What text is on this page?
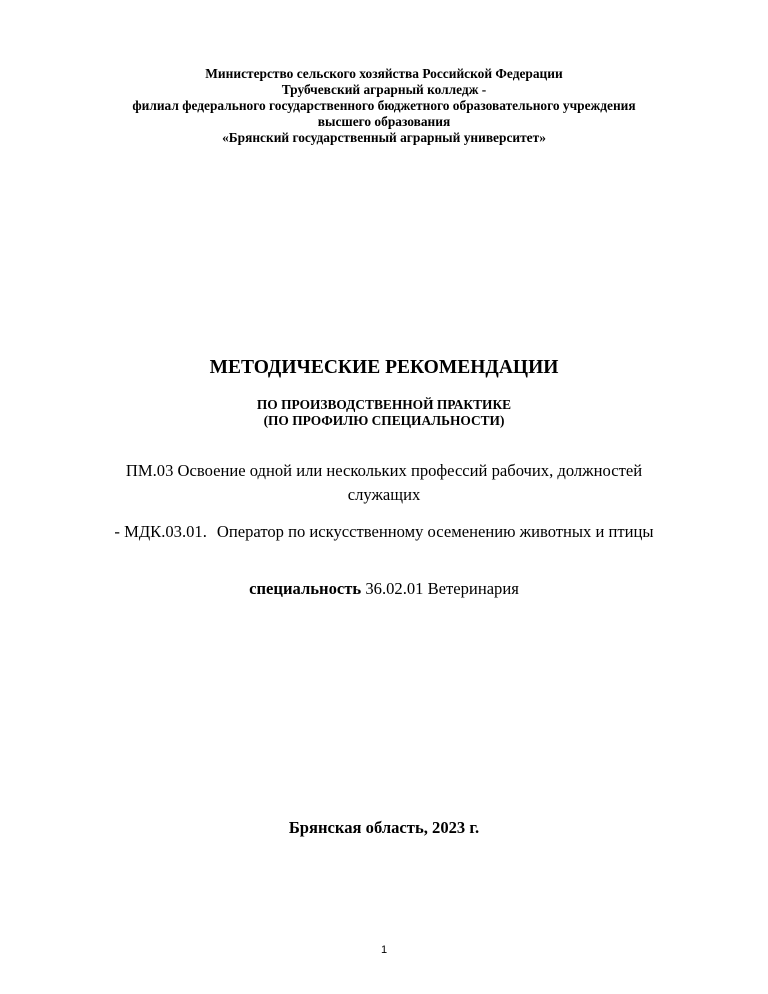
Министерство сельского хозяйства Российской Федерации
Трубчевский аграрный колледж -
филиал федерального государственного бюджетного образовательного учреждения
высшего образования
«Брянский государственный аграрный университет»
МЕТОДИЧЕСКИЕ РЕКОМЕНДАЦИИ
ПО ПРОИЗВОДСТВЕННОЙ ПРАКТИКЕ
(ПО ПРОФИЛЮ СПЕЦИАЛЬНОСТИ)
ПМ.03 Освоение одной или нескольких профессий рабочих, должностей служащих
- МДК.03.01. Оператор по искусственному осеменению животных и птицы
специальность 36.02.01 Ветеринария
Брянская область, 2023 г.
1
